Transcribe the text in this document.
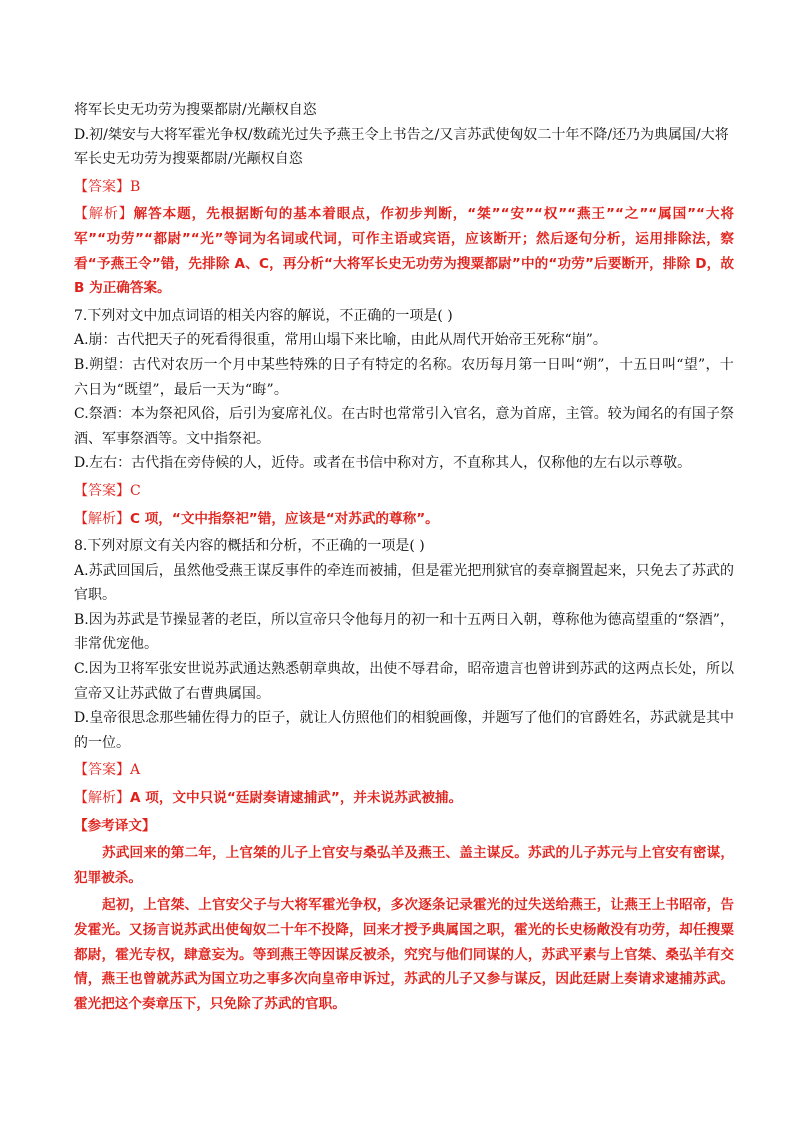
将军长史无功劳为搜粟都尉/光颟权自恣

D.初/桀安与大将军霍光争权/数疏光过失予燕王令上书告之/又言苏武使匈奴二十年不降/还乃为典属国/大将

军长史无功劳为搜粟都尉/光颟权自恣

【答案】B

【解析】解答本题，先根据断句的基本着眼点，作初步判断，“桀”“安”“权”“燕王”“之”“属国”“大将军”“功劳”“都尉”“光”等词为名词或代词，可作主语或宾语，应该断开；然后逐句分析，运用排除法，察看“予燕王令”错，先排除 A、C，再分析“大将军长史无功劳为搜粟都尉”中的“功劳”后要断开，排除 D，故 B 为正确答案。

7.下列对文中加点词语的相关内容的解说，不正确的一项是( )

A.崩：古代把天子的死看得很重，常用山塌下来比喻，由此从周代开始帝王死称“崩”。

B.朔望：古代对农历一个月中某些特殊的日子有特定的名称。农历每月第一日叫“朔”，十五日叫“望”，十六日为“既望”，最后一天为“晦”。

C.祭酒：本为祭祀风俗，后引为宴席礼仪。在古时也常常引入官名，意为首席，主管。较为闻名的有国子祭酒、军事祭酒等。文中指祭祀。

D.左右：古代指在旁侍候的人，近侍。或者在书信中称对方，不直称其人，仅称他的左右以示尊敬。

【答案】C

【解析】C 项，“文中指祭祀”错，应该是“对苏武的尊称”。

8.下列对原文有关内容的概括和分析，不正确的一项是( )

A.苏武回国后，虽然他受燕王谋反事件的牵连而被捕，但是霍光把刑狱官的奏章搁置起来，只免去了苏武的官职。

B.因为苏武是节操显著的老臣，所以宣帝只令他每月的初一和十五两日入朝，尊称他为德高望重的“祭酒”，非常优宠他。

C.因为卫将军张安世说苏武通达熟悉朝章典故，出使不辱君命，昭帝遗言也曾讲到苏武的这两点长处，所以宣帝又让苏武做了右曹典属国。

D.皇帝很思念那些辅佐得力的臣子，就让人仿照他们的相貌画像，并题写了他们的官爵姓名，苏武就是其中的一位。

【答案】A

【解析】A 项，文中只说“廷尉奏请逮捕武”，并未说苏武被捕。

【参考译文】

苏武回来的第二年，上官桀的儿子上官安与桑弘羊及燕王、盖主谋反。苏武的儿子苏元与上官安有密谋，犯罪被杀。

起初，上官桀、上官安父子与大将军霍光争权，多次逐条记录霍光的过失送给燕王，让燕王上书昭帝，告发霍光。又扬言说苏武出使匈奴二十年不投降，回来才授予典属国之职，霍光的长史杨敞没有功劳，却任搜粟都尉，霍光专权，肆意妄为。等到燕王等因谋反被杀，究究与他们同谋的人，苏武平素与上官桀、桑弘羊有交情，燕王也曾就苏武为国立功之事多次向皇帝申诉过，苏武的儿子又参与谋反，因此廷尉上奏请求逮捕苏武。霍光把这个奏章压下，只免除了苏武的官职。
